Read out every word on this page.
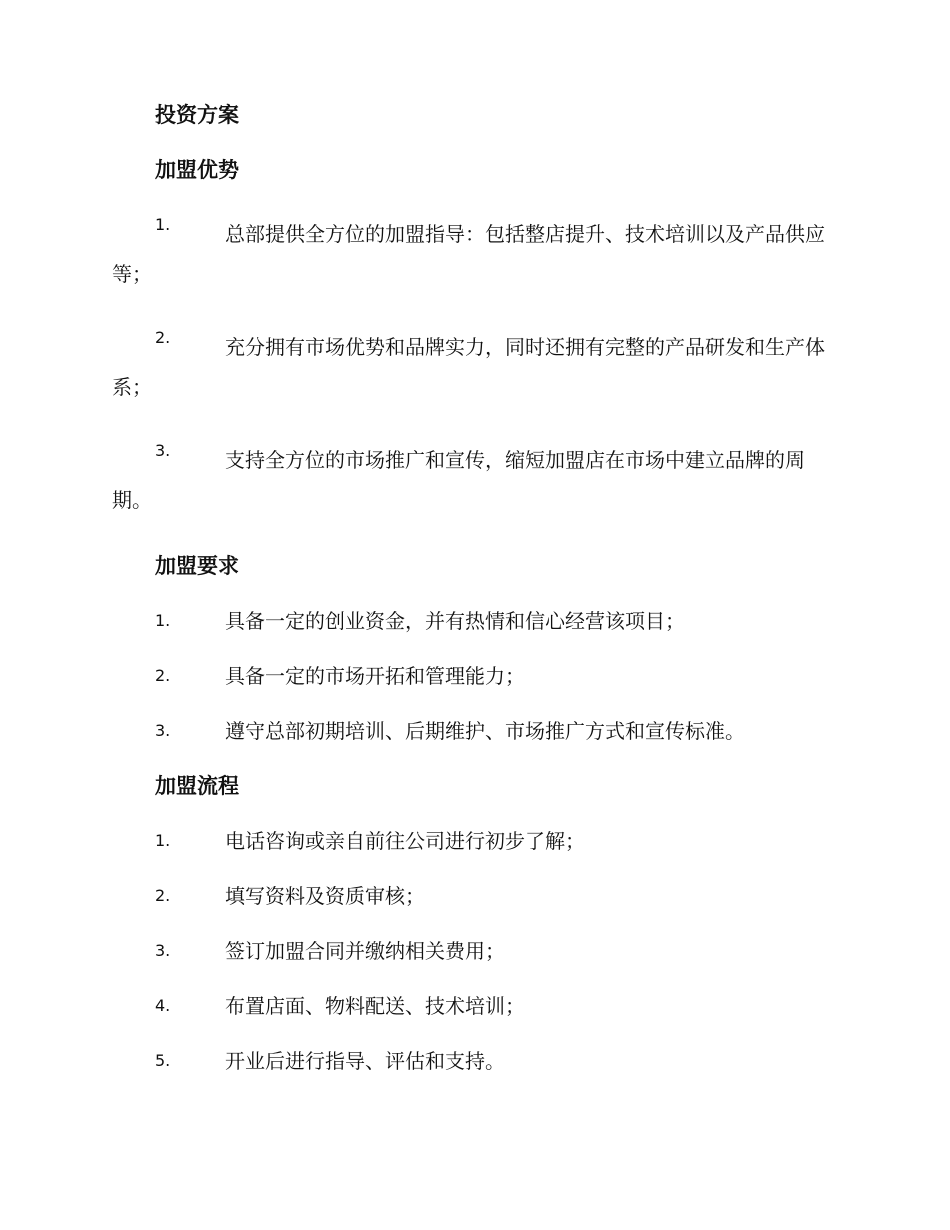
投资方案
加盟优势
1.	总部提供全方位的加盟指导：包括整店提升、技术培训以及产品供应等；
2.	充分拥有市场优势和品牌实力，同时还拥有完整的产品研发和生产体系；
3.	支持全方位的市场推广和宣传，缩短加盟店在市场中建立品牌的周期。
加盟要求
1.	具备一定的创业资金，并有热情和信心经营该项目；
2.	具备一定的市场开拓和管理能力；
3.	遵守总部初期培训、后期维护、市场推广方式和宣传标准。
加盟流程
1.	电话咨询或亲自前往公司进行初步了解；
2.	填写资料及资质审核；
3.	签订加盟合同并缴纳相关费用；
4.	布置店面、物料配送、技术培训；
5.	开业后进行指导、评估和支持。
